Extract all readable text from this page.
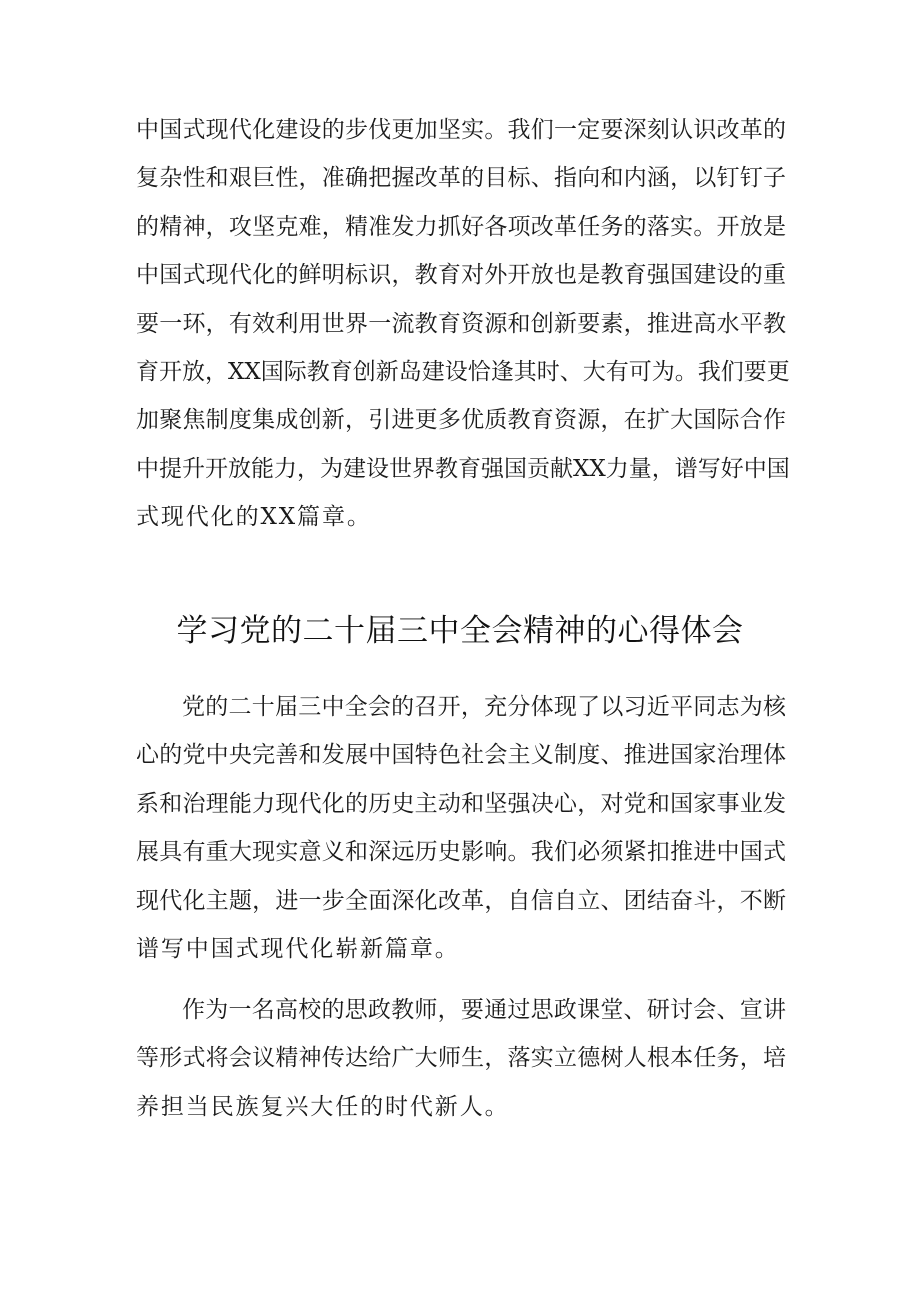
中国式现代化建设的步伐更加坚实。我们一定要深刻认识改革的
复杂性和艰巨性，准确把握改革的目标、指向和内涵，以钉钉子
的精神，攻坚克难，精准发力抓好各项改革任务的落实。开放是
中国式现代化的鲜明标识，教育对外开放也是教育强国建设的重
要一环，有效利用世界一流教育资源和创新要素，推进高水平教
育开放，XX国际教育创新岛建设恰逢其时、大有可为。我们要更
加聚焦制度集成创新，引进更多优质教育资源，在扩大国际合作
中提升开放能力，为建设世界教育强国贡献XX力量，谱写好中国
式现代化的XX篇章。
学习党的二十届三中全会精神的心得体会
党的二十届三中全会的召开，充分体现了以习近平同志为核
心的党中央完善和发展中国特色社会主义制度、推进国家治理体
系和治理能力现代化的历史主动和坚强决心，对党和国家事业发
展具有重大现实意义和深远历史影响。我们必须紧扣推进中国式
现代化主题，进一步全面深化改革，自信自立、团结奋斗，不断
谱写中国式现代化崭新篇章。
作为一名高校的思政教师，要通过思政课堂、研讨会、宣讲
等形式将会议精神传达给广大师生，落实立德树人根本任务，培
养担当民族复兴大任的时代新人。
